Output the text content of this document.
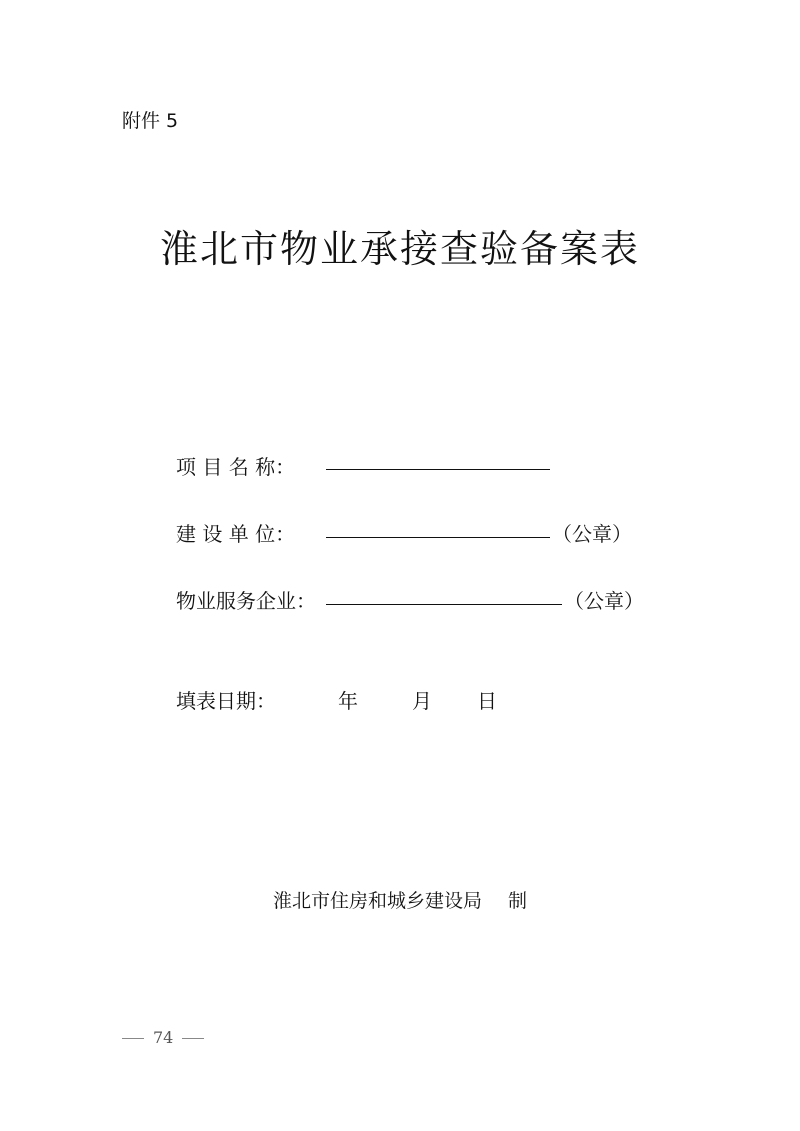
附件 5
淮北市物业承接查验备案表
项 目 名 称：
建 设 单 位：	（公章）
物业服务企业：	（公章）
填表日期：	年	月 日
淮北市住房和城乡建设局 制
74
